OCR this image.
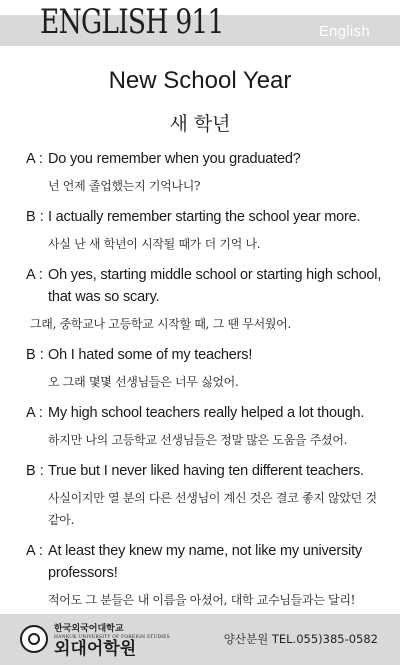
ENGLISH 911	English
New School Year
새 학년
A : Do you remember when you graduated?
넌 언제 졸업했는지 기억나니?
B : I actually remember starting the school year more.
사실 난 새 학년이 시작될 때가 더 기억 나.
A : Oh yes, starting middle school or starting high school, that was so scary.
그래, 중학교나 고등학교 시작할 때, 그 땐 무서웠어.
B : Oh I hated some of my teachers!
오 그래 몇몇 선생님들은 너무 싫었어.
A : My high school teachers really helped a lot though.
하지만 나의 고등학교 선생님들은 정말 많은 도움을 주셨어.
B : True but I never liked having ten different teachers.
사실이지만 열 분의 다른 선생님이 계신 것은 결코 좋지 않았던 것 같아.
A : At least they knew my name, not like my university professors!
적어도 그 분들은 내 이름을 아셨어, 대학 교수님들과는 달리!
한국외국어대학교
HANKUK UNIVERSITY OF FOREIGN STUDIES
외대어학원	양산분원 TEL.055)385-0582
